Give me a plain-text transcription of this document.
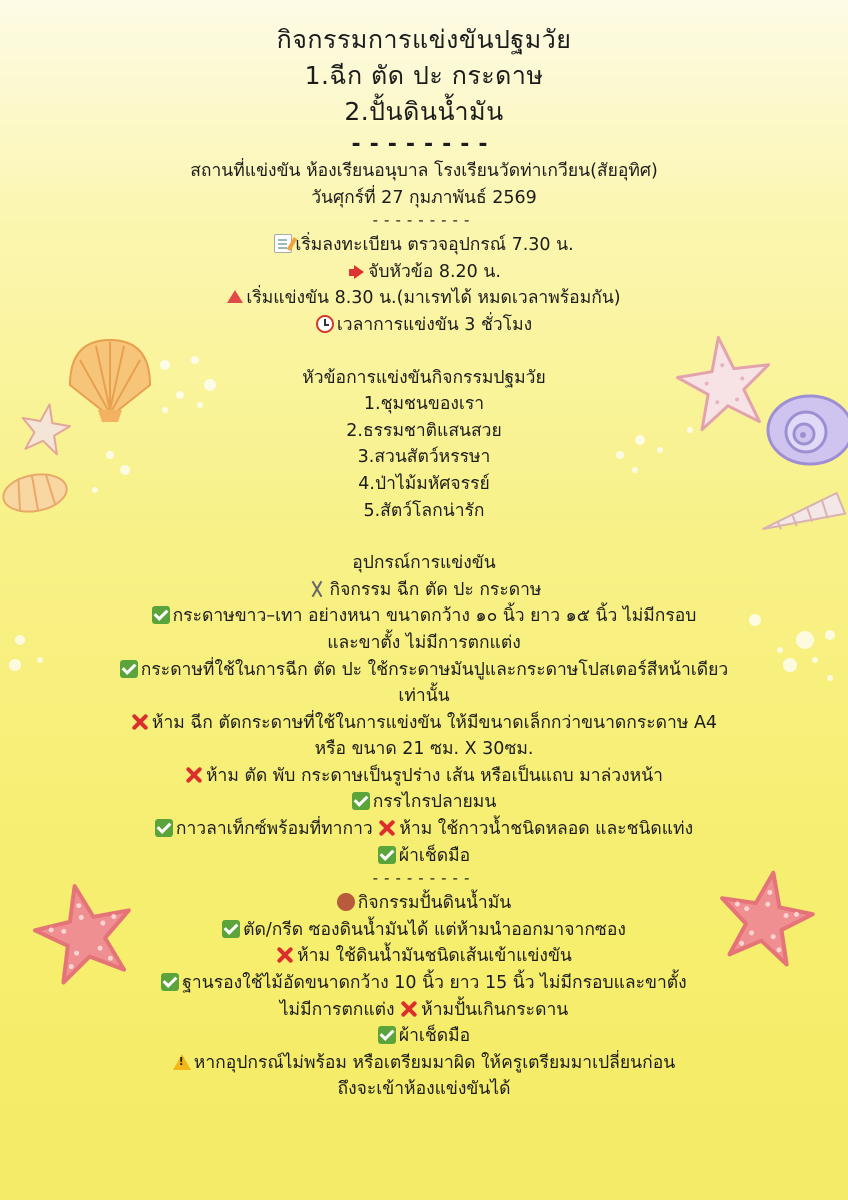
กิจกรรมการแข่งขันปฐมวัย
1.ฉีก ตัด ปะ กระดาษ
2.ปั้นดินน้ำมัน
--------
สถานที่แข่งขัน ห้องเรียนอนุบาล โรงเรียนวัดท่าเกวียน(สัยอุทิศ)
วันศุกร์ที่ 27 กุมภาพันธ์ 2569
---------
เริ่มลงทะเบียน ตรวจอุปกรณ์ 7.30 น.
จับหัวข้อ 8.20 น.
เริ่มแข่งขัน 8.30 น.(มาเรทได้ หมดเวลาพร้อมกัน)
เวลาการแข่งขัน 3 ชั่วโมง
หัวข้อการแข่งขันกิจกรรมปฐมวัย
1.ชุมชนของเรา
2.ธรรมชาติแสนสวย
3.สวนสัตว์หรรษา
4.ป่าไม้มหัศจรรย์
5.สัตว์โลกน่ารัก
อุปกรณ์การแข่งขัน
กิจกรรม ฉีก ตัด ปะ กระดาษ
กระดาษขาว–เทา อย่างหนา ขนาดกว้าง ๑๐ นิ้ว ยาว ๑๕ นิ้ว ไม่มีกรอบ
และขาตั้ง ไม่มีการตกแต่ง
กระดาษที่ใช้ในการฉีก ตัด ปะ ใช้กระดาษมันปูและกระดาษโปสเตอร์สีหน้าเดียว
เท่านั้น
ห้าม ฉีก ตัดกระดาษที่ใช้ในการแข่งขัน ให้มีขนาดเล็กกว่าขนาดกระดาษ A4
หรือ ขนาด 21 ซม. X 30ซม.
ห้าม ตัด พับ กระดาษเป็นรูปร่าง เส้น หรือเป็นแถบ มาล่วงหน้า
กรรไกรปลายมน
กาวลาเท็กซ์พร้อมที่ทากาว ห้าม ใช้กาวน้ำชนิดหลอด และชนิดแท่ง
ผ้าเช็ดมือ
---------
กิจกรรมปั้นดินน้ำมัน
ตัด/กรีด ซองดินน้ำมันได้ แต่ห้ามนำออกมาจากซอง
ห้าม ใช้ดินน้ำมันชนิดเส้นเข้าแข่งขัน
ฐานรองใช้ไม้อัดขนาดกว้าง 10 นิ้ว ยาว 15 นิ้ว ไม่มีกรอบและขาตั้ง
ไม่มีการตกแต่ง ห้ามปั้นเกินกระดาน
ผ้าเช็ดมือ
!หากอุปกรณ์ไม่พร้อม หรือเตรียมมาผิด ให้ครูเตรียมมาเปลี่ยนก่อน
ถึงจะเข้าห้องแข่งขันได้
